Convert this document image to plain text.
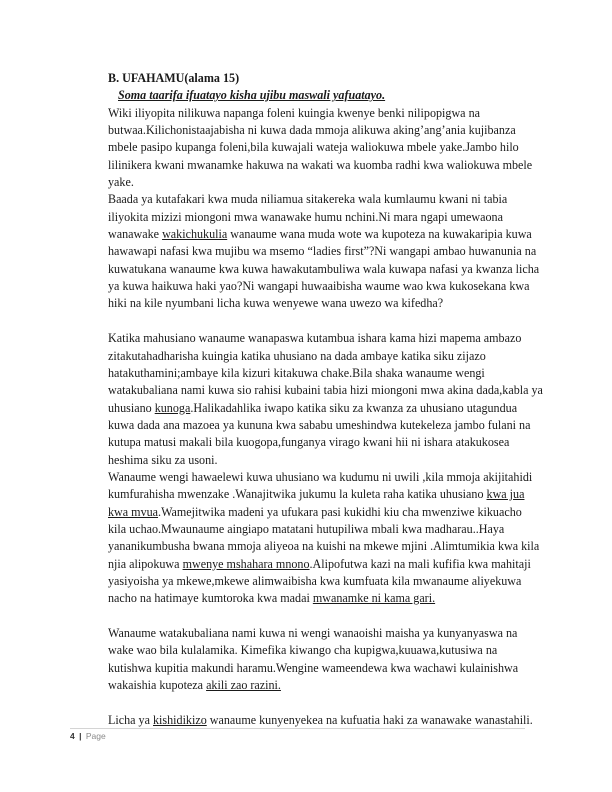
B. UFAHAMU(alama 15)
Soma taarifa ifuatayo kisha ujibu maswali yafuatayo.
Wiki iliyopita nilikuwa napanga foleni kuingia kwenye benki nilipopigwa na
butwaa.Kilichonistaajabisha ni kuwa dada mmoja alikuwa aking’ang’ania kujibanza
mbele pasipo kupanga foleni,bila kuwajali wateja waliokuwa mbele yake.Jambo hilo
lilinikera kwani mwanamke hakuwa na wakati wa kuomba radhi kwa waliokuwa mbele
yake.
Baada ya kutafakari kwa muda niliamua sitakereka wala kumlaumu kwani ni tabia
iliyokita mizizi miongoni mwa wanawake humu nchini.Ni mara ngapi umewaona
wanawake wakichukulia wanaume wana muda wote wa kupoteza na kuwakaripia kuwa
hawawapi nafasi kwa mujibu wa msemo “ladies first”?Ni wangapi ambao huwanunia na
kuwatukana wanaume kwa kuwa hawakutambuliwa wala kuwapa nafasi ya kwanza licha
ya kuwa haikuwa haki yao?Ni wangapi huwaaibisha waume wao kwa kukosekana kwa
hiki na kile nyumbani licha kuwa wenyewe wana uwezo wa kifedha?
Katika mahusiano wanaume wanapaswa kutambua ishara kama hizi mapema ambazo
zitakutahadharisha kuingia katika uhusiano na dada ambaye katika siku zijazo
hatakuthamini;ambaye kila kizuri kitakuwa chake.Bila shaka wanaume wengi
watakubaliana nami kuwa sio rahisi kubaini tabia hizi miongoni mwa akina dada,kabla ya
uhusiano kunoga.Halikadahlika iwapo katika siku za kwanza za uhusiano utagundua
kuwa dada ana mazoea ya kununa kwa sababu umeshindwa kutekeleza jambo fulani na
kutupa matusi makali bila kuogopa,funganya virago kwani hii ni ishara atakukosea
heshima siku za usoni.
Wanaume wengi hawaelewi kuwa uhusiano wa kudumu ni uwili ,kila mmoja akijitahidi
kumfurahisha mwenzake .Wanajitwika jukumu la kuleta raha katika uhusiano kwa jua
kwa mvua.Wamejitwika madeni ya ufukara pasi kukidhi kiu cha mwenziwe kikuacho
kila uchao.Mwaunaume aingiapo matatani hutupiliwa mbali kwa madharau..Haya
yananikumbusha bwana mmoja aliyeoa na kuishi na mkewe mjini .Alimtumikia kwa kila
njia alipokuwa mwenye mshahara mnono.Alipofutwa kazi na mali kufifia kwa mahitaji
yasiyoisha ya mkewe,mkewe alimwaibisha kwa kumfuata kila mwanaume aliyekuwa
nacho na hatimaye kumtoroka kwa madai mwanamke ni kama gari.
Wanaume watakubaliana nami kuwa ni wengi wanaoishi maisha ya kunyanyaswa na
wake wao bila kulalamika. Kimefika kiwango cha kupigwa,kuuawa,kutusiwa na
kutishwa kupitia makundi haramu.Wengine wameendewa kwa wachawi kulainishwa
wakaishia kupoteza akili zao razini.
Licha ya kishidikizo wanaume kunyenyekea na kufuatia haki za wanawake wanastahili.
4 | Page
